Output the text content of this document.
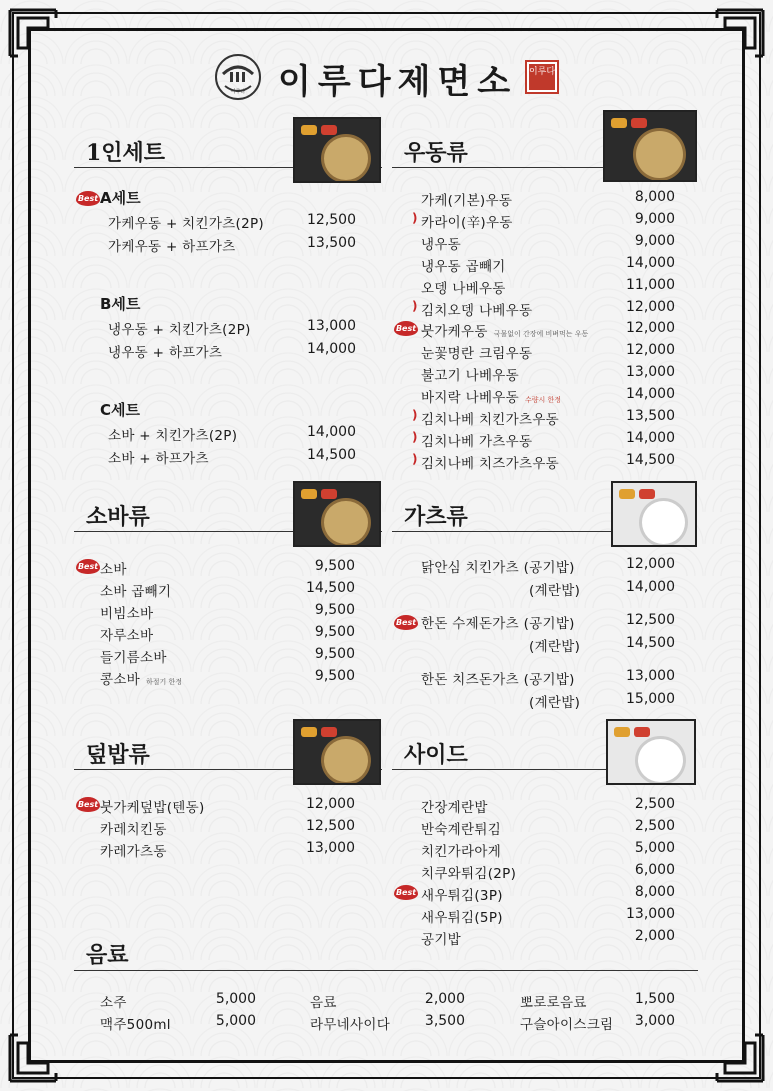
이루다 이루다제면소	이루다
1인세트
Best A세트
가케우동 + 치킨가츠(2P)	12,500
가케우동 + 하프가츠	13,500
B세트
냉우동 + 치킨가츠(2P)	13,000
냉우동 + 하프가츠	14,000
C세트
소바 + 치킨가츠(2P)	14,000
소바 + 하프가츠	14,500
우동류
가케(기본)우동	8,000
) 카라이(辛)우동	9,000
냉우동	9,000
냉우동 곱빼기	14,000
오뎅 나베우동	11,000
) 김치오뎅 나베우동	12,000
Best 붓가케우동 국물없이 간장에 비벼먹는 우동	12,000
눈꽃명란 크림우동	12,000
불고기 나베우동	13,000
바지락 나베우동 수량시 한정	14,000
) 김치나베 치킨가츠우동	13,500
) 김치나베 가츠우동	14,000
) 김치나베 치즈가츠우동	14,500
소바류
Best 소바	9,500
소바 곱빼기	14,500
비빔소바	9,500
자루소바	9,500
들기름소바	9,500
콩소바 하절기 한정	9,500
가츠류
닭안심 치킨가츠 (공기밥)	12,000
(계란밥)	14,000
Best 한돈 수제돈가츠 (공기밥)	12,500
(계란밥)	14,500
한돈 치즈돈가츠 (공기밥)	13,000
(계란밥)	15,000
덮밥류
Best 붓가케덮밥(텐동)	12,000
카레치킨동	12,500
카레가츠동	13,000
사이드
간장계란밥	2,500
반숙계란튀김	2,500
치킨가라아게	5,000
치쿠와튀김(2P)	6,000
Best 새우튀김(3P)	8,000
새우튀김(5P)	13,000
공기밥	2,000
음료
소주	5,000
맥주500ml	5,000
음료	2,000
라무네사이다	3,500
뽀로로음료	1,500
구슬아이스크림	3,000
